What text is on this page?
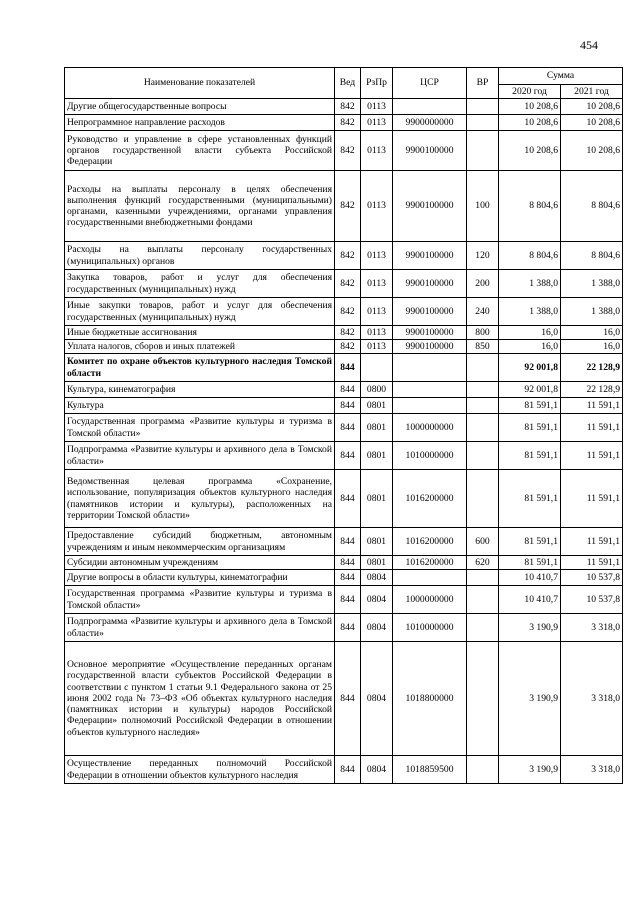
454
Наименование показателей	Вед	РзПр	ЦСР	ВР	Сумма	
					2020 год	2021 год
Другие общегосударственные вопросы	842	0113			10 208,6	10 208,6
Непрограммное направление расходов	842	0113	9900000000		10 208,6	10 208,6
Руководство и управление в сфере установленных функций органов государственной власти субъекта Российской Федерации	842	0113	9900100000		10 208,6	10 208,6
Расходы на выплаты персоналу в целях обеспечения выполнения функций государственными (муниципальными) органами, казенными учреждениями, органами управления государственными внебюджетными фондами	842	0113	9900100000	100	8 804,6	8 804,6
Расходы на выплаты персоналу государственных (муниципальных) органов	842	0113	9900100000	120	8 804,6	8 804,6
Закупка товаров, работ и услуг для обеспечения государственных (муниципальных) нужд	842	0113	9900100000	200	1 388,0	1 388,0
Иные закупки товаров, работ и услуг для обеспечения государственных (муниципальных) нужд	842	0113	9900100000	240	1 388,0	1 388,0
Иные бюджетные ассигнования	842	0113	9900100000	800	16,0	16,0
Уплата налогов, сборов и иных платежей	842	0113	9900100000	850	16,0	16,0
Комитет по охране объектов культурного наследия Томской области	844				92 001,8	22 128,9
Культура, кинематография	844	0800			92 001,8	22 128,9
Культура	844	0801			81 591,1	11 591,1
Государственная программа «Развитие культуры и туризма в Томской области»	844	0801	1000000000		81 591,1	11 591,1
Подпрограмма «Развитие культуры и архивного дела в Томской области»	844	0801	1010000000		81 591,1	11 591,1
Ведомственная целевая программа «Сохранение, использование, популяризация объектов культурного наследия (памятников истории и культуры), расположенных на территории Томской области»	844	0801	1016200000		81 591,1	11 591,1
Предоставление субсидий бюджетным, автономным учреждениям и иным некоммерческим организациям	844	0801	1016200000	600	81 591,1	11 591,1
Субсидии автономным учреждениям	844	0801	1016200000	620	81 591,1	11 591,1
Другие вопросы в области культуры, кинематографии	844	0804			10 410,7	10 537,8
Государственная программа «Развитие культуры и туризма в Томской области»	844	0804	1000000000		10 410,7	10 537,8
Подпрограмма «Развитие культуры и архивного дела в Томской области»	844	0804	1010000000		3 190,9	3 318,0
Основное мероприятие «Осуществление переданных органам государственной власти субъектов Российской Федерации в соответствии с пунктом 1 статьи 9.1 Федерального закона от 25 июня 2002 года № 73–ФЗ «Об объектах культурного наследия (памятниках истории и культуры) народов Российской Федерации» полномочий Российской Федерации в отношении объектов культурного наследия»	844	0804	1018800000		3 190,9	3 318,0
Осуществление переданных полномочий Российской Федерации в отношении объектов культурного наследия	844	0804	1018859500		3 190,9	3 318,0
